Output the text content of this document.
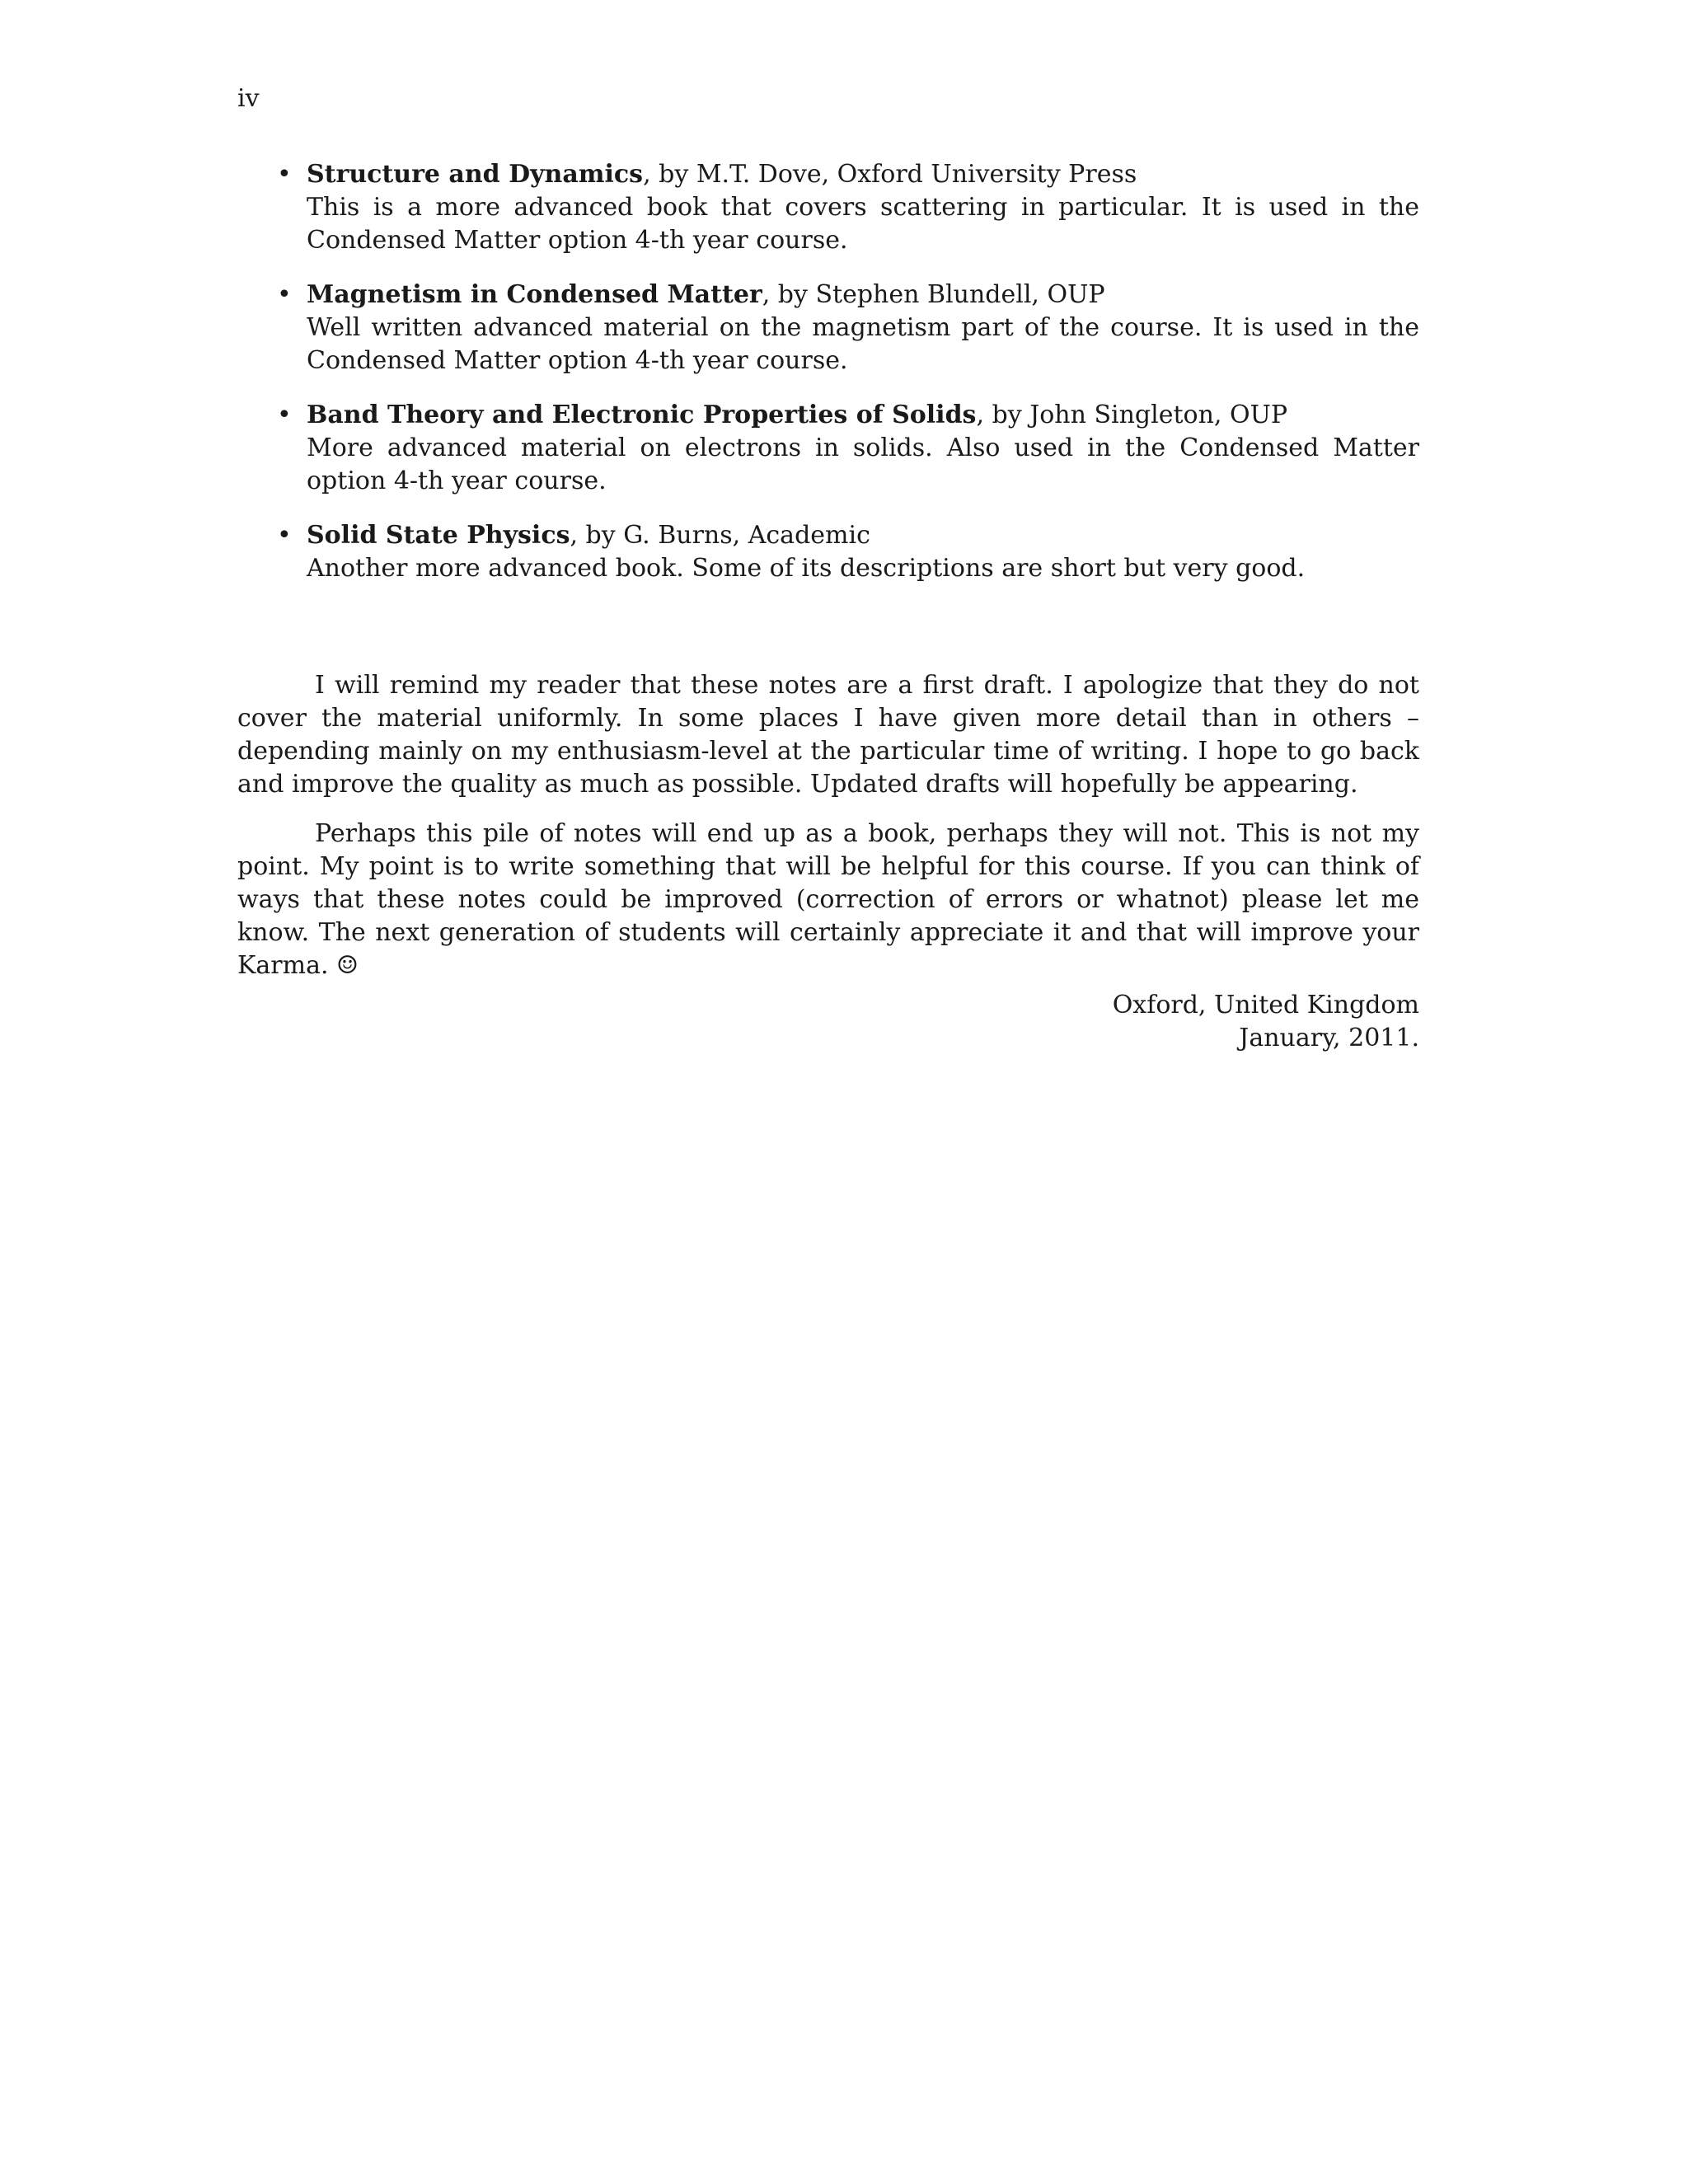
iv
• Structure and Dynamics, by M.T. Dove, Oxford University Press
This is a more advanced book that covers scattering in particular. It is used in the Condensed Matter option 4-th year course.
• Magnetism in Condensed Matter, by Stephen Blundell, OUP
Well written advanced material on the magnetism part of the course. It is used in the Condensed Matter option 4-th year course.
• Band Theory and Electronic Properties of Solids, by John Singleton, OUP
More advanced material on electrons in solids. Also used in the Condensed Matter option 4-th year course.
• Solid State Physics, by G. Burns, Academic
Another more advanced book. Some of its descriptions are short but very good.

I will remind my reader that these notes are a first draft. I apologize that they do not cover the material uniformly. In some places I have given more detail than in others – depending mainly on my enthusiasm-level at the particular time of writing. I hope to go back and improve the quality as much as possible. Updated drafts will hopefully be appearing.

Perhaps this pile of notes will end up as a book, perhaps they will not. This is not my point. My point is to write something that will be helpful for this course. If you can think of ways that these notes could be improved (correction of errors or whatnot) please let me know. The next generation of students will certainly appreciate it and that will improve your Karma. ☺

Oxford, United Kingdom
January, 2011.
